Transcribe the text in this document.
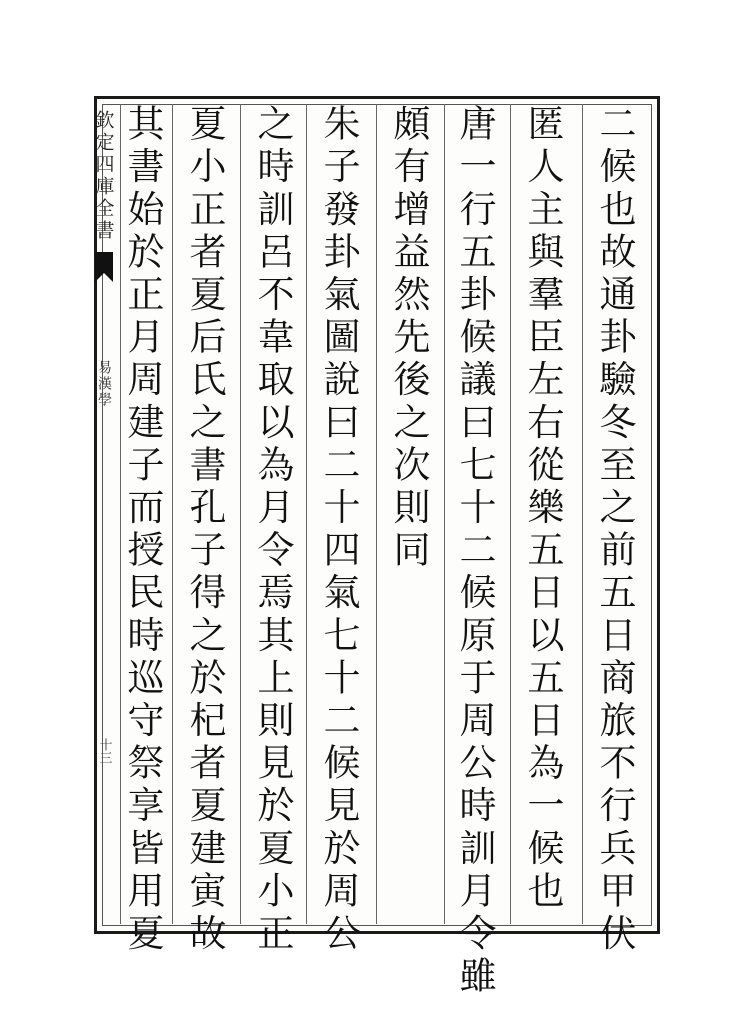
欽定四庫全書
易漢學
十三	二候也故通卦驗冬至之前五日商旅不行兵甲伏
匿人主與羣臣左右從樂五日以五日為一候也
唐一行五卦候議曰七十二候原于周公時訓月令雖
頗有增益然先後之次則同
朱子發卦氣圖說曰二十四氣七十二候見於周公
之時訓呂不韋取以為月令焉其上則見於夏小正
夏小正者夏后氏之書孔子得之於杞者夏建寅故
其書始於正月周建子而授民時巡守祭享皆用夏
